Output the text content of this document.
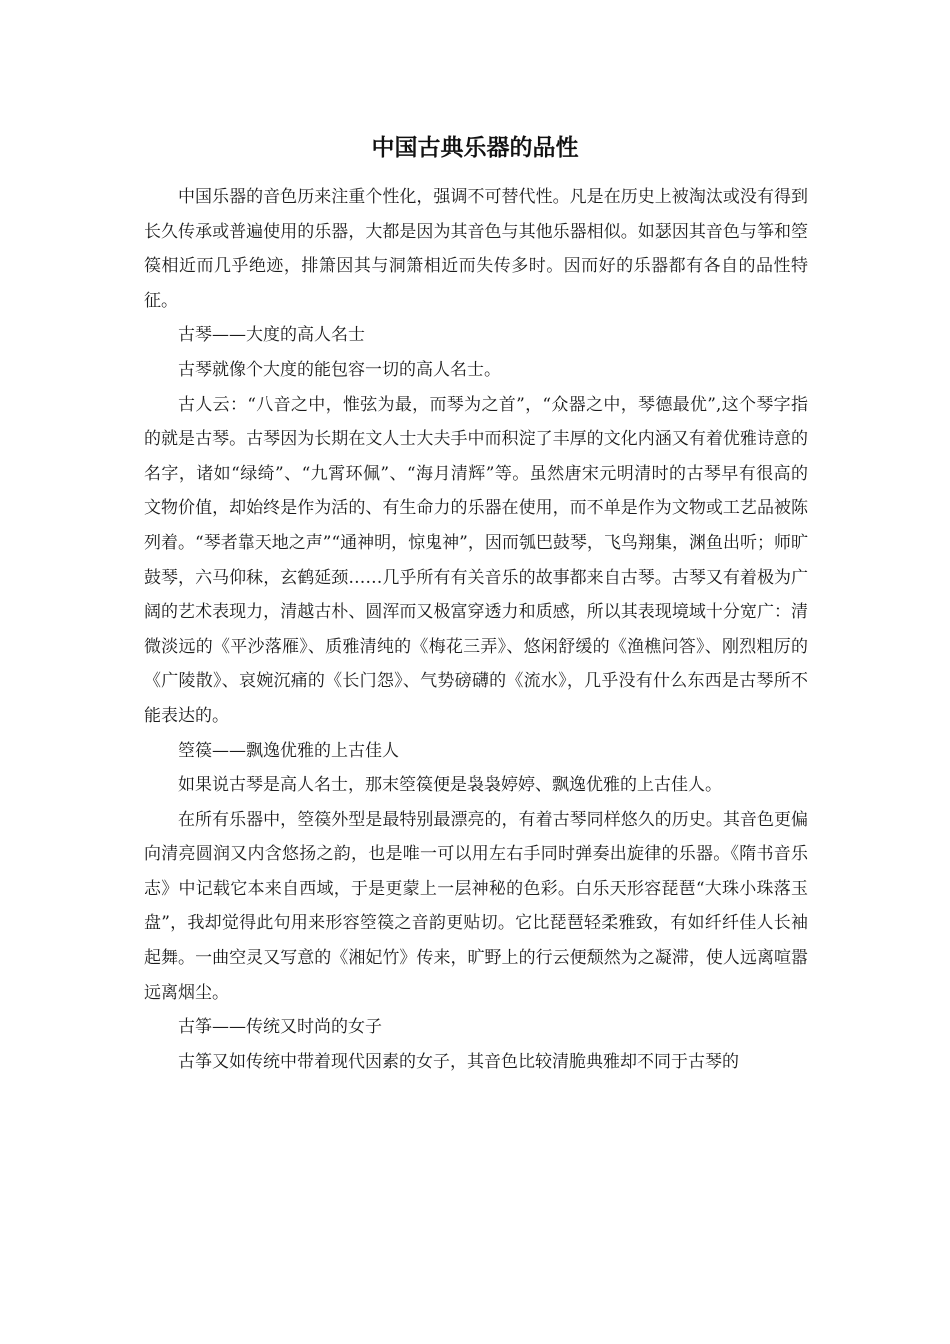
中国古典乐器的品性

中国乐器的音色历来注重个性化，强调不可替代性。凡是在历史上被淘汰或没有得到长久传承或普遍使用的乐器，大都是因为其音色与其他乐器相似。如瑟因其音色与筝和箜篌相近而几乎绝迹，排箫因其与洞箫相近而失传多时。因而好的乐器都有各自的品性特征。

古琴——大度的高人名士

古琴就像个大度的能包容一切的高人名士。

古人云：“八音之中，惟弦为最，而琴为之首”，“众器之中，琴德最优”,这个琴字指的就是古琴。古琴因为长期在文人士大夫手中而积淀了丰厚的文化内涵又有着优雅诗意的名字，诸如“绿绮”、“九霄环佩”、“海月清辉”等。虽然唐宋元明清时的古琴早有很高的文物价值，却始终是作为活的、有生命力的乐器在使用，而不单是作为文物或工艺品被陈列着。“琴者靠天地之声”“通神明，惊鬼神”，因而瓠巴鼓琴，飞鸟翔集，渊鱼出听；师旷鼓琴，六马仰秣，玄鹤延颈……几乎所有有关音乐的故事都来自古琴。古琴又有着极为广阔的艺术表现力，清越古朴、圆浑而又极富穿透力和质感，所以其表现境域十分宽广：清微淡远的《平沙落雁》、质雅清纯的《梅花三弄》、悠闲舒缓的《渔樵问答》、刚烈粗厉的《广陵散》、哀婉沉痛的《长门怨》、气势磅礴的《流水》，几乎没有什么东西是古琴所不能表达的。

箜篌——飘逸优雅的上古佳人

如果说古琴是高人名士，那末箜篌便是袅袅婷婷、飘逸优雅的上古佳人。

在所有乐器中，箜篌外型是最特别最漂亮的，有着古琴同样悠久的历史。其音色更偏向清亮圆润又内含悠扬之韵，也是唯一可以用左右手同时弹奏出旋律的乐器。《隋书音乐志》中记载它本来自西域，于是更蒙上一层神秘的色彩。白乐天形容琵琶“大珠小珠落玉盘”，我却觉得此句用来形容箜篌之音韵更贴切。它比琵琶轻柔雅致，有如纤纤佳人长袖起舞。一曲空灵又写意的《湘妃竹》传来，旷野上的行云便颓然为之凝滞，使人远离喧嚣远离烟尘。

古筝——传统又时尚的女子

古筝又如传统中带着现代因素的女子，其音色比较清脆典雅却不同于古琴的
